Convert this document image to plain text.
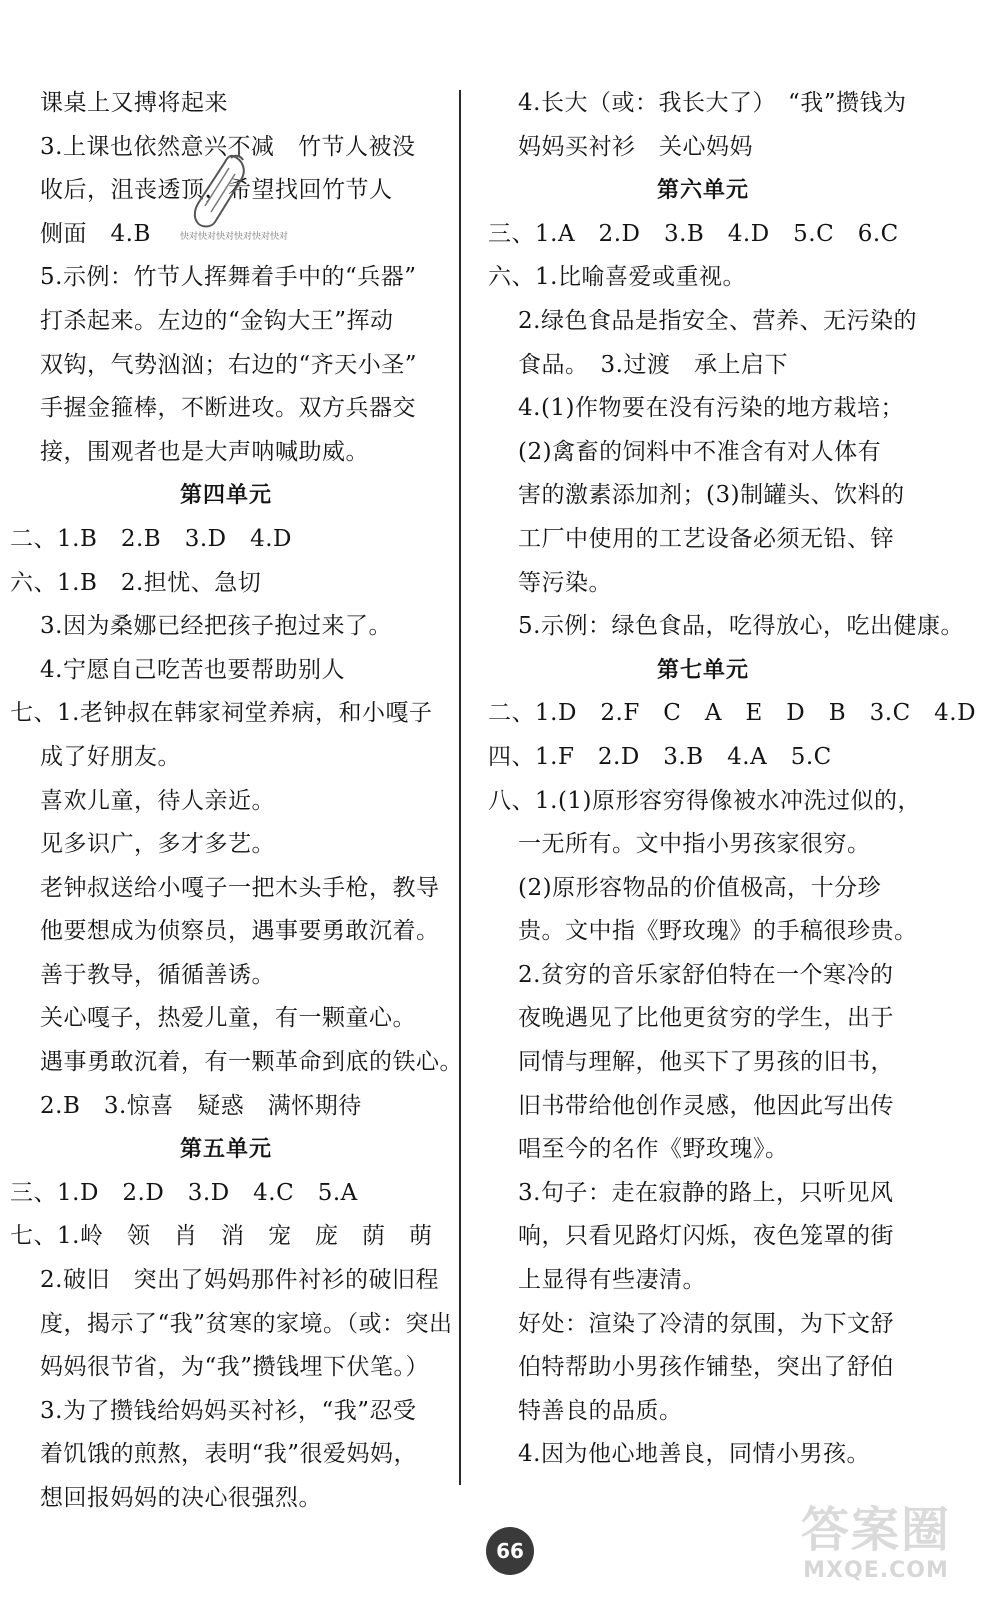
课桌上又搏将起来
3.上课也依然意兴不减　竹节人被没
收后，沮丧透顶，希望找回竹节人
侧面　4.B
5.示例：竹节人挥舞着手中的“兵器”
打杀起来。左边的“金钩大王”挥动
双钩，气势汹汹；右边的“齐天小圣”
手握金箍棒，不断进攻。双方兵器交
接，围观者也是大声呐喊助威。
第四单元
二、1.B　2.B　3.D　4.D
六、1.B　2.担忧、急切
3.因为桑娜已经把孩子抱过来了。
4.宁愿自己吃苦也要帮助别人
七、1.老钟叔在韩家祠堂养病，和小嘎子
成了好朋友。
喜欢儿童，待人亲近。
见多识广，多才多艺。
老钟叔送给小嘎子一把木头手枪，教导
他要想成为侦察员，遇事要勇敢沉着。
善于教导，循循善诱。
关心嘎子，热爱儿童，有一颗童心。
遇事勇敢沉着，有一颗革命到底的铁心。
2.B　3.惊喜　疑惑　满怀期待
第五单元
三、1.D　2.D　3.D　4.C　5.A
七、1.岭　领　肖　消　宠　庞　荫　萌
2.破旧　突出了妈妈那件衬衫的破旧程
度，揭示了“我”贫寒的家境。（或：突出
妈妈很节省，为“我”攒钱埋下伏笔。）
3.为了攒钱给妈妈买衬衫，“我”忍受
着饥饿的煎熬，表明“我”很爱妈妈，
想回报妈妈的决心很强烈。
4.长大（或：我长大了）　“我”攒钱为
妈妈买衬衫　关心妈妈
第六单元
三、1.A　2.D　3.B　4.D　5.C　6.C
六、1.比喻喜爱或重视。
2.绿色食品是指安全、营养、无污染的
食品。　3.过渡　承上启下
4.(1)作物要在没有污染的地方栽培；
(2)禽畜的饲料中不准含有对人体有
害的激素添加剂；(3)制罐头、饮料的
工厂中使用的工艺设备必须无铅、锌
等污染。
5.示例：绿色食品，吃得放心，吃出健康。
第七单元
二、1.D　2.F　C　A　E　D　B　3.C　4.D
四、1.F　2.D　3.B　4.A　5.C
八、1.(1)原形容穷得像被水冲洗过似的，
一无所有。文中指小男孩家很穷。
(2)原形容物品的价值极高，十分珍
贵。文中指《野玫瑰》的手稿很珍贵。
2.贫穷的音乐家舒伯特在一个寒冷的
夜晚遇见了比他更贫穷的学生，出于
同情与理解，他买下了男孩的旧书，
旧书带给他创作灵感，他因此写出传
唱至今的名作《野玫瑰》。
3.句子：走在寂静的路上，只听见风
响，只看见路灯闪烁，夜色笼罩的街
上显得有些凄清。
好处：渲染了冷清的氛围，为下文舒
伯特帮助小男孩作铺垫，突出了舒伯
特善良的品质。
4.因为他心地善良，同情小男孩。
快对快对快对快对快对快对
66	答案圈
MXQE.COM
